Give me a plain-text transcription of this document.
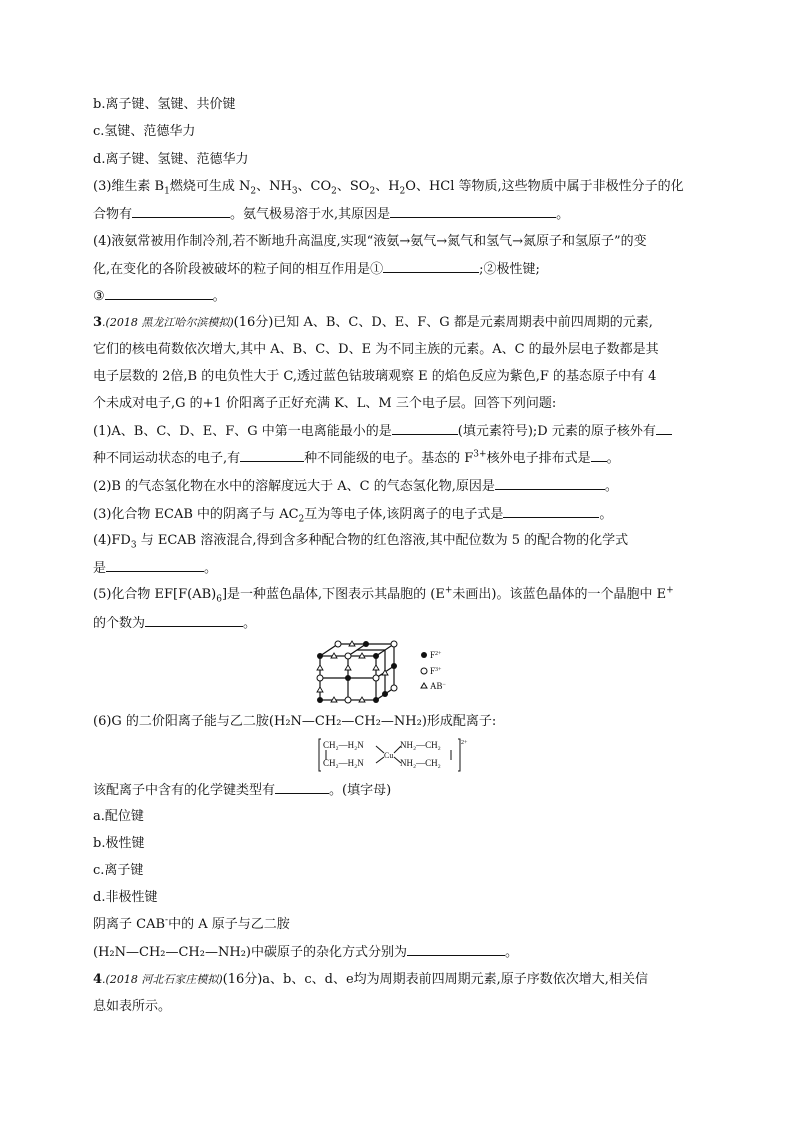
b.离子键、氢键、共价键
c.氢键、范德华力
d.离子键、氢键、范德华力
(3)维生素 $B_1$燃烧可生成 $N_2$、$NH_3$、$CO_2$、$SO_2$、$H_2O$、HCl 等物质,这些物质中属于非极性分子的化
合物有	。氨气极易溶于水,其原因是	。
(4)液氨常被用作制冷剂,若不断地升高温度,实现“液氨→氨气→氮气和氢气→氮原子和氢原子”的变
化,在变化的各阶段被破坏的粒子间的相互作用是①	;②极性键;
③	。
3.(2018 黑龙江哈尔滨模拟)(16分)已知 A、B、C、D、E、F、G 都是元素周期表中前四周期的元素,
它们的核电荷数依次增大,其中 A、B、C、D、E 为不同主族的元素。A、C 的最外层电子数都是其
电子层数的 2倍,B 的电负性大于 C,透过蓝色钴玻璃观察 E 的焰色反应为紫色,F 的基态原子中有 4
个未成对电子,G 的+1 价阳离子正好充满 K、L、M 三个电子层。回答下列问题:
(1)A、B、C、D、E、F、G 中第一电离能最小的是	(填元素符号);D 元素的原子核外有
种不同运动状态的电子,有	种不同能级的电子。基态的 $F^{3+}$核外电子排布式是 。
(2)B 的气态氢化物在水中的溶解度远大于 A、C 的气态氢化物,原因是	。
(3)化合物 ECAB 中的阴离子与 $AC_2$互为等电子体,该阴离子的电子式是	。
$(4)FD_3$ 与 ECAB 溶液混合,得到含多种配合物的红色溶液,其中配位数为 5 的配合物的化学式
是	。
(5)化合物 $EF[F(AB)_6]$是一种蓝色晶体,下图表示其晶胞的 (E+未画出)。该蓝色晶体的一个晶胞中 E+
的个数为	。
$F^{2+}$
$F^{3+}$
AB−
(6)G 的二价阳离子能与乙二胺(H₂N—CH₂—CH₂—NH₂)形成配离子:
CH₂—H₂N
CH₂—H₂N
Cu
NH₂—CH₂
NH₂—CH₂
2+
该配离子中含有的化学键类型有	。(填字母)
a.配位键
b.极性键
c.离子键
d.非极性键
阴离子 CAB-中的 A 原子与乙二胺
(H₂N—CH₂—CH₂—NH₂)中碳原子的杂化方式分别为	。
4.(2018 河北石家庄模拟)(16分)a、b、c、d、e均为周期表前四周期元素,原子序数依次增大,相关信
息如表所示。
